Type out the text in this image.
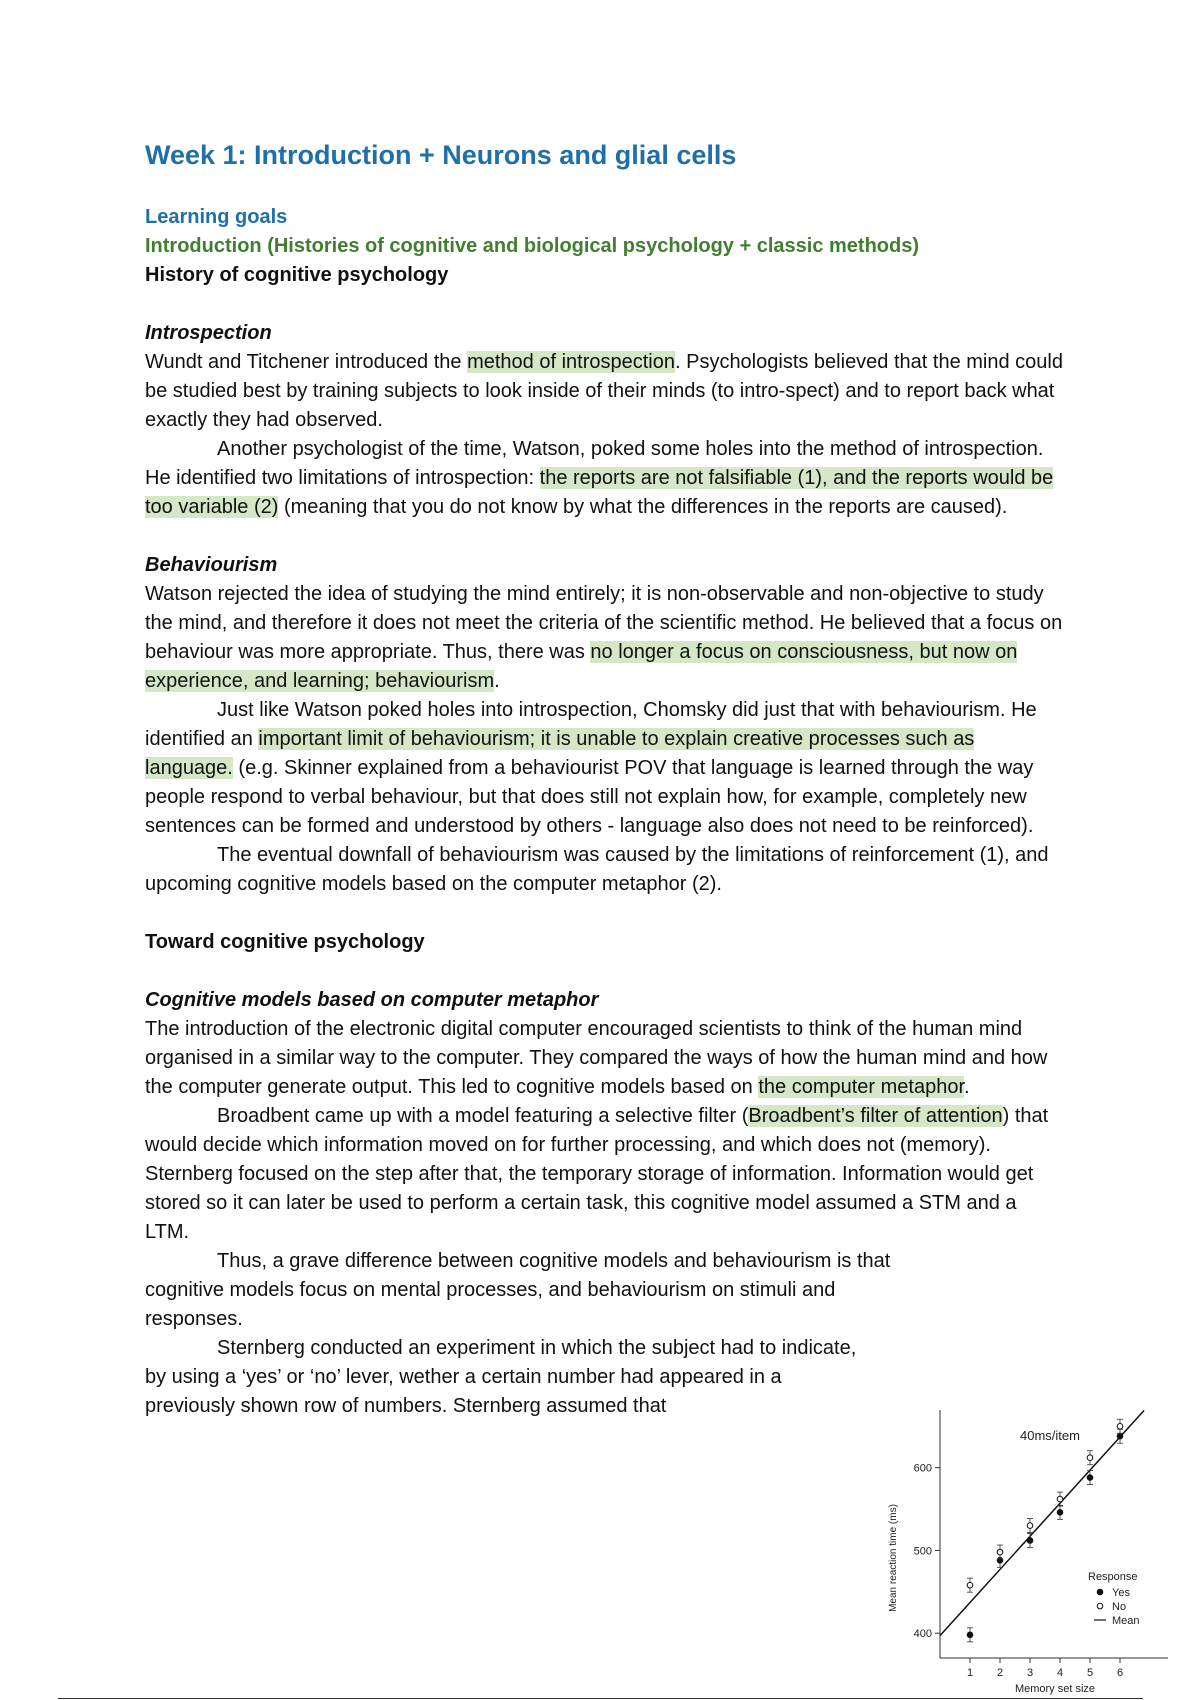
Week 1: Introduction + Neurons and glial cells
Learning goals
Introduction (Histories of cognitive and biological psychology + classic methods)
History of cognitive psychology
Introspection

Wundt and Titchener introduced the method of introspection. Psychologists believed that the mind could be studied best by training subjects to look inside of their minds (to intro-spect) and to report back what exactly they had observed.

Another psychologist of the time, Watson, poked some holes into the method of introspection. He identified two limitations of introspection: the reports are not falsifiable (1), and the reports would be too variable (2) (meaning that you do not know by what the differences in the reports are caused).

Behaviourism

Watson rejected the idea of studying the mind entirely; it is non-observable and non-objective to study the mind, and therefore it does not meet the criteria of the scientific method. He believed that a focus on behaviour was more appropriate. Thus, there was no longer a focus on consciousness, but now on experience, and learning; behaviourism.

Just like Watson poked holes into introspection, Chomsky did just that with behaviourism. He identified an important limit of behaviourism; it is unable to explain creative processes such as language. (e.g. Skinner explained from a behaviourist POV that language is learned through the way people respond to verbal behaviour, but that does still not explain how, for example, completely new sentences can be formed and understood by others - language also does not need to be reinforced).

The eventual downfall of behaviourism was caused by the limitations of reinforcement (1), and upcoming cognitive models based on the computer metaphor (2).

Toward cognitive psychology
Cognitive models based on computer metaphor

The introduction of the electronic digital computer encouraged scientists to think of the human mind organised in a similar way to the computer. They compared the ways of how the human mind and how the computer generate output. This led to cognitive models based on the computer metaphor.

Broadbent came up with a model featuring a selective filter (Broadbent’s filter of attention) that would decide which information moved on for further processing, and which does not (memory). Sternberg focused on the step after that, the temporary storage of information. Information would get stored so it can later be used to perform a certain task, this cognitive model assumed a STM and a LTM.

Thus, a grave difference between cognitive models and behaviourism is that

cognitive models focus on mental processes, and behaviourism on stimuli and responses.

Sternberg conducted an experiment in which the subject had to indicate, by using a ‘yes’ or ‘no’ lever, wether a certain number had appeared in a previously shown row of numbers. Sternberg assumed that

400
500
600
1 2 3 4 5 6
Memory set size
Mean reaction time (ms)
40ms/item
Response
Yes
No
Mean
